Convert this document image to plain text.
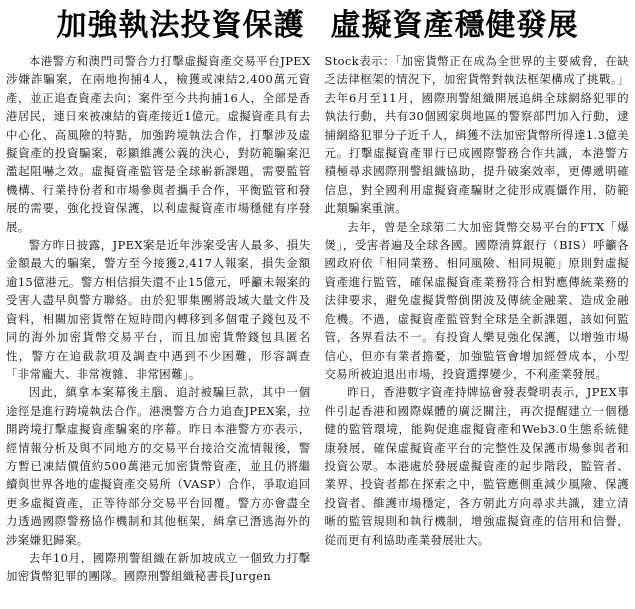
加強執法投資保護 虛擬資產穩健發展

本港警方和澳門司警合力打擊虛擬資產交易平台JPEX涉嫌詐騙案，在兩地拘捕4人，檢獲或凍結2,400萬元資產，並正追查資產去向；案件至今共拘捕16人，全部是香港居民，連日來被凍結的資產接近1億元。虛擬資產具有去中心化、高風險的特點，加強跨境執法合作，打擊涉及虛擬資產的投資騙案，彰顯維護公義的決心，對防範騙案氾濫起阻嚇之效。虛擬資產監管是全球嶄新課題，需要監管機構、行業持份者和市場參與者攜手合作，平衡監管和發展的需要，強化投資保護，以利虛擬資產市場穩健有序發展。

警方昨日披露，JPEX案是近年涉案受害人最多、損失金額最大的騙案，警方至今接獲2,417人報案，損失金額逾15億港元。警方相信損失還不止15億元，呼籲未報案的受害人盡早與警方聯絡。由於犯罪集團將設域大量文件及資料，相關加密貨幣在短時間內轉移到多個電子錢包及不同的海外加密貨幣交易平台，而且加密貨幣錢包具匿名性，警方在追截款項及調查中遇到不少困難，形容調查「非常龐大、非常複雜、非常困難」。

因此，縝拿本案幕後主腦、追討被騙巨款，其中一個途徑是進行跨境執法合作。港澳警方合力追查JPEX案，拉開跨境打擊虛擬資產騙案的序幕。昨日本港警方亦表示，經情報分析及與不同地方的交易平台接洽交流情報後，警方暫已凍結價值約500萬港元加密貨幣資產，並且仍將繼續與世界各地的虛擬資產交易所（VASP）合作，爭取追回更多虛擬資產，正等待部分交易平台回覆。警方亦會盡全力透過國際警務協作機制和其他框架，緝拿已潛逃海外的涉案嫌犯歸案。

去年10月，國際刑警組織在新加坡成立一個致力打擊加密貨幣犯罪的團隊。國際刑警組織秘書長Jurgen

Stock表示：「加密貨幣正在成為全世界的主要威脅，在缺乏法律框架的情況下，加密貨幣對執法框架構成了挑戰。」去年6月至11月，國際刑警組織開展追緝全球網絡犯罪的執法行動，共有30個國家與地區的警察部門加入行動，逮捕網絡犯罪分子近千人，緝獲不法加密貨幣所得達1.3億美元。打擊虛擬資產罪行已成國際警務合作共識，本港警方積極尋求國際刑警組織協助，提升破案效率，更傳遞明確信息，對全國利用虛擬資產騙財之徒形成震懾作用，防範此類騙案重演。

去年，曾是全球第二大加密貨幣交易平台的FTX「爆煲」，受害者遍及全球各國。國際清算銀行（BIS）呼籲各國政府依「相同業務、相同風險、相同規範」原則對虛擬資產進行監管，確保虛擬資產業務符合相對應傳統業務的法律要求，避免虛擬貨幣倒閉波及傳統金融業、造成金融危機。不過，虛擬資產監管對全球是全新課題，該如何監管，各界看法不一。有投資人樂見強化保護，以增強市場信心，但亦有業者擔憂，加強監管會增加經營成本，小型交易所被迫退出市場，投資選擇變少，不利產業發展。

昨日，香港數字資產持牌協會發表聲明表示，JPEX事件引起香港和國際媒體的廣泛關注，再次提醒建立一個穩健的監管環境，能夠促進虛擬資產和Web3.0生態系統健康發展，確保虛擬資產平台的完整性及保護市場參與者和投資公眾。本港處於發展虛擬資產的起步階段，監管者、業界、投資者都在探索之中，監管應側重減少風險、保護投資者、維護市場穩定，各方朝此方向尋求共識，建立清晰的監管規則和執行機制，增強虛擬資產的信用和信譽，從而更有利協助產業發展壯大。
